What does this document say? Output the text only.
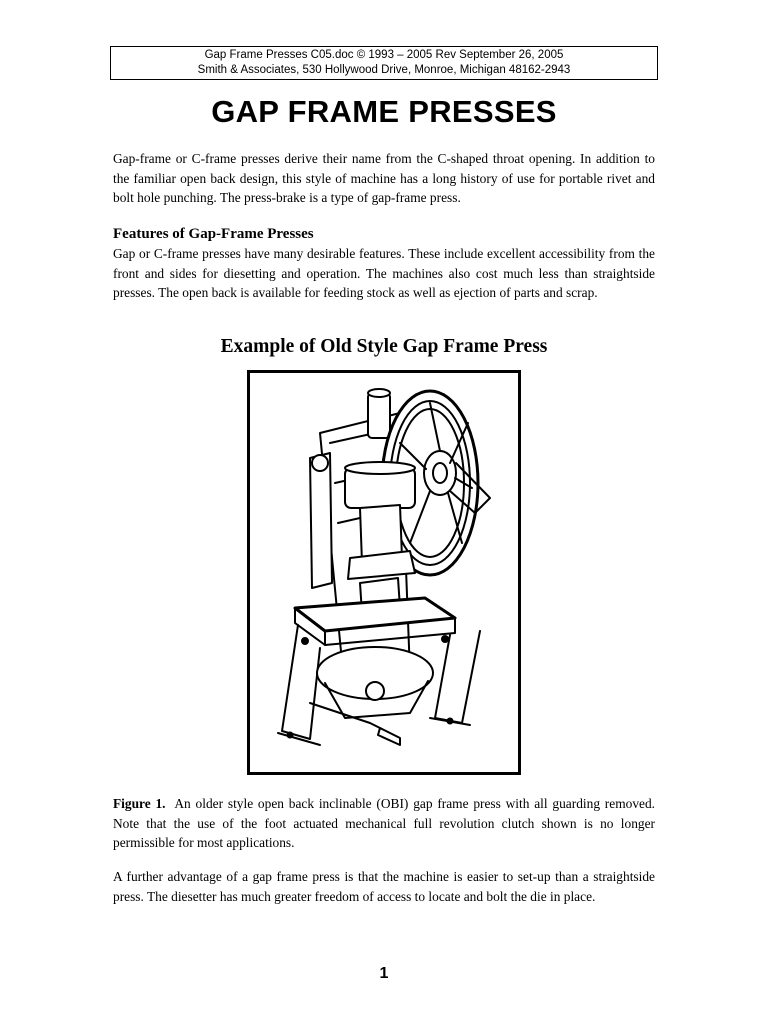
Gap Frame Presses C05.doc © 1993 – 2005 Rev September 26, 2005
Smith & Associates, 530 Hollywood Drive, Monroe, Michigan 48162-2943
GAP FRAME PRESSES

Gap-frame or C-frame presses derive their name from the C-shaped throat opening. In addition to the familiar open back design, this style of machine has a long history of use for portable rivet and bolt hole punching. The press-brake is a type of gap-frame press.

Features of Gap-Frame Presses

Gap or C-frame presses have many desirable features. These include excellent accessibility from the front and sides for diesetting and operation. The machines also cost much less than straightside presses. The open back is available for feeding stock as well as ejection of parts and scrap.

Example of Old Style Gap Frame Press

Figure 1. An older style open back inclinable (OBI) gap frame press with all guarding removed. Note that the use of the foot actuated mechanical full revolution clutch shown is no longer permissible for most applications.

A further advantage of a gap frame press is that the machine is easier to set-up than a straightside press. The diesetter has much greater freedom of access to locate and bolt the die in place.

1
